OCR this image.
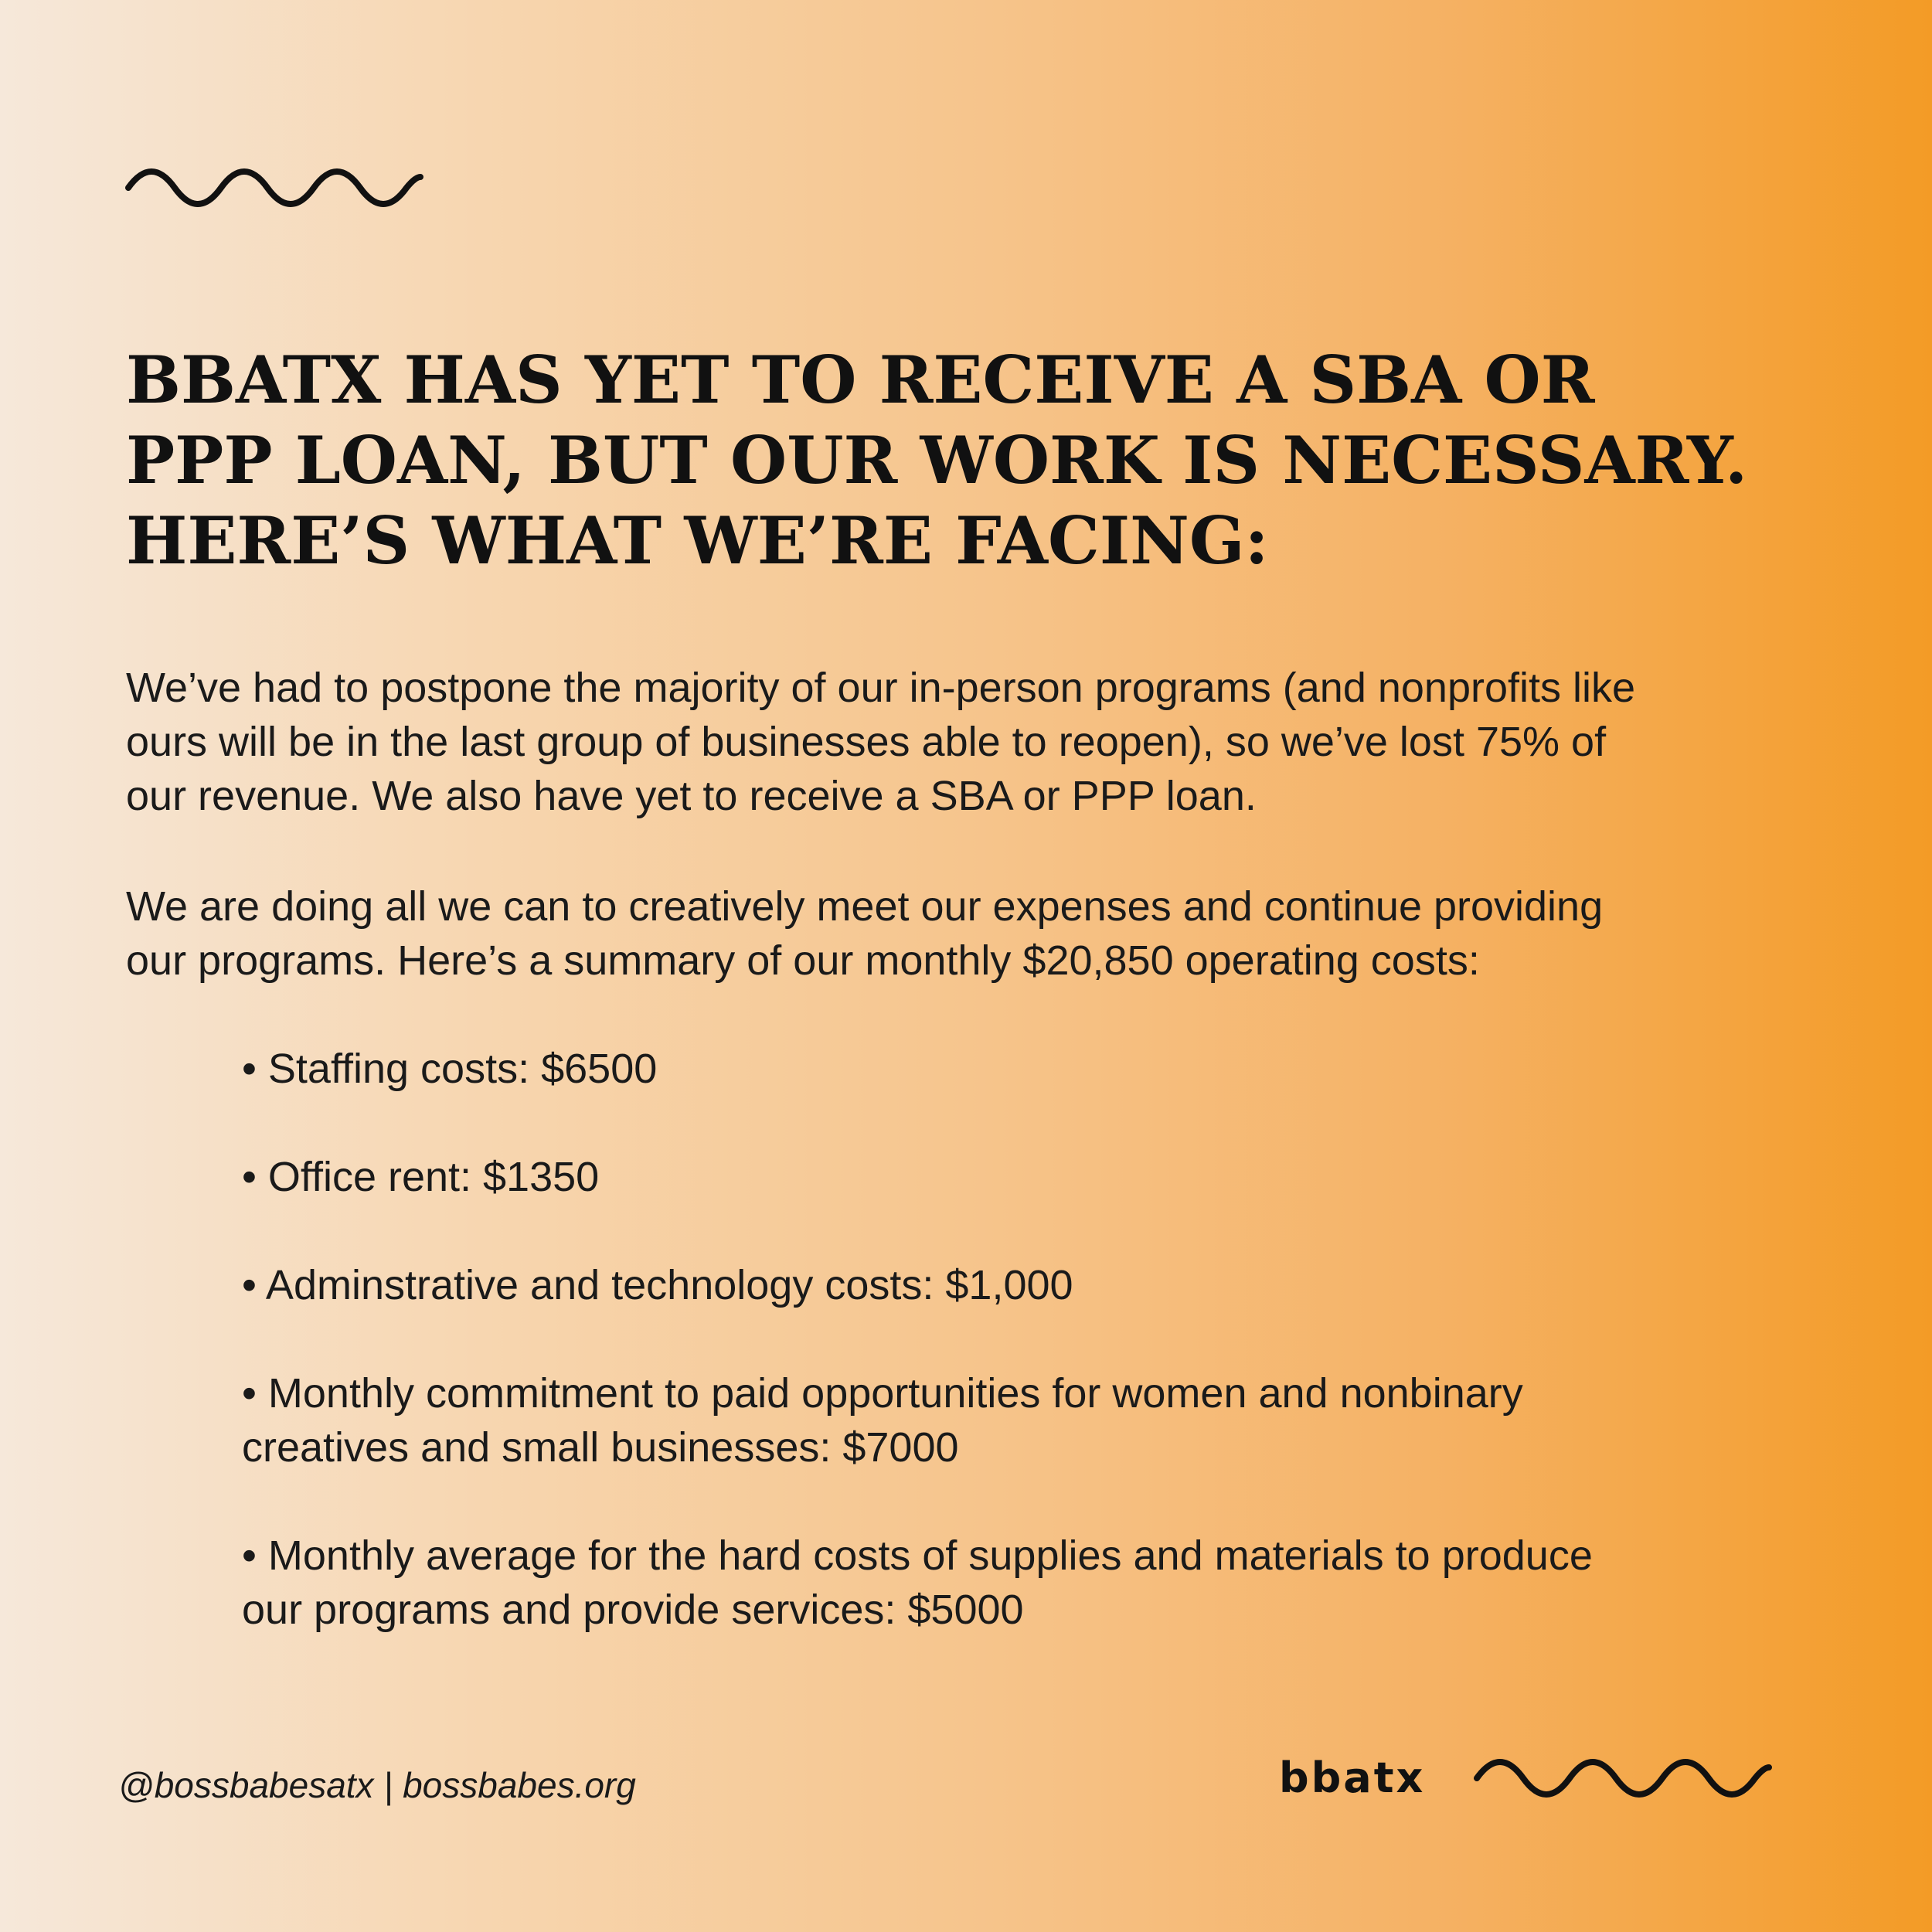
BBATX HAS YET TO RECEIVE A SBA OR
PPP LOAN, BUT OUR WORK IS NECESSARY.
HERE’S WHAT WE’RE FACING:

We’ve had to postpone the majority of our in-person programs (and nonprofits like
ours will be in the last group of businesses able to reopen), so we’ve lost 75% of
our revenue. We also have yet to receive a SBA or PPP loan.

We are doing all we can to creatively meet our expenses and continue providing
our programs. Here’s a summary of our monthly $20,850 operating costs:

• Staffing costs: $6500
• Office rent: $1350
• Adminstrative and technology costs: $1,000
• Monthly commitment to paid opportunities for women and nonbinary
creatives and small businesses: $7000
• Monthly average for the hard costs of supplies and materials to produce
our programs and provide services: $5000
@bossbabesatx | bossbabes.org	bbatx
